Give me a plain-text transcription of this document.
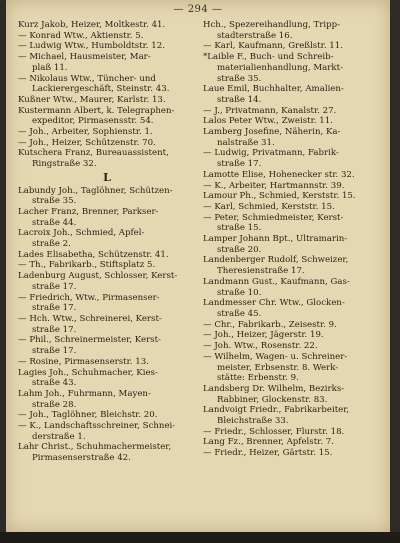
— 294 —
Kurz Jakob, Heizer, Moltkestr. 41.
— Konrad Wtw., Aktienstr. 5.
— Ludwig Wtw., Humboldtstr. 12.
— Michael, Hausmeister, Mar-
plaß 11.
— Nikolaus Wtw., Tüncher- und
Lackierergeschäft, Steinstr. 43.
Kußner Wtw., Maurer, Karlstr. 13.
Kustermann Albert, k. Telegraphen-
expeditor, Pirmasensstr. 54.
— Joh., Arbeiter, Sophienstr. 1.
— Joh., Heizer, Schützenstr. 70.
Kutschera Franz, Bureauassistent,
Ringstraße 32.
L
Labundy Joh., Taglöhner, Schützen-
straße 35.
Lacher Franz, Brenner, Parkser-
straße 44.
Lacroix Joh., Schmied, Apfel-
straße 2.
Lades Elisabetha, Schützenstr. 41.
— Th., Fabrikarb., Stiftsplatz 5.
Ladenburg August, Schlosser, Kerst-
straße 17.
— Friedrich, Wtw., Pirmasenser-
straße 17.
— Hch. Wtw., Schreinerei, Kerst-
straße 17.
— Phil., Schreinermeister, Kerst-
straße 17.
— Rosine, Pirmasenserstr. 13.
Lagies Joh., Schuhmacher, Kies-
straße 43.
Lahm Joh., Fuhrmann, Mayen-
straße 28.
— Joh., Taglöhner, Bleichstr. 20.
— K., Landschaftsschreiner, Schnei-
derstraße 1.
Lahr Christ., Schuhmachermeister,
Pirmasenserstraße 42.
Hch., Spezereihandlung, Tripp-
stadterstraße 16.
— Karl, Kaufmann, Greßlstr. 11.
*Laible F., Buch- und Schreib-
materialienhandlung, Markt-
straße 35.
Laue Emil, Buchhalter, Amalien-
straße 14.
— J., Privatmann, Kanalstr. 27.
Lalos Peter Wtw., Zweistr. 11.
Lamberg Josefine, Näherin, Ka-
nalstraße 31.
— Ludwig, Privatmann, Fabrik-
straße 17.
Lamotte Elise, Hohenecker str. 32.
— K., Arbeiter, Hartmannstr. 39.
Lamour Ph., Schmied, Kerststr. 15.
— Karl, Schmied, Kerststr. 15.
— Peter, Schmiedmeister, Kerst-
straße 15.
Lamper Johann Bpt., Ultramarin-
straße 20.
Landenberger Rudolf, Schweizer,
Theresienstraße 17.
Landmann Gust., Kaufmann, Gas-
straße 10.
Landmesser Chr. Wtw., Glocken-
straße 45.
— Chr., Fabrikarb., Zeisestr. 9.
— Joh., Heizer, Jägerstr. 19.
— Joh. Wtw., Rosenstr. 22.
— Wilhelm, Wagen- u. Schreiner-
meister, Erbsenstr. 8. Werk-
stätte: Erbenstr. 9.
Landsberg Dr. Wilhelm, Bezirks-
Rabbiner, Glockenstr. 83.
Landvoigt Friedr., Fabrikarbeiter,
Bleichstraße 33.
— Friedr., Schlosser, Flurstr. 18.
Lang Fz., Brenner, Apfelstr. 7.
— Friedr., Heizer, Gärtstr. 15.
